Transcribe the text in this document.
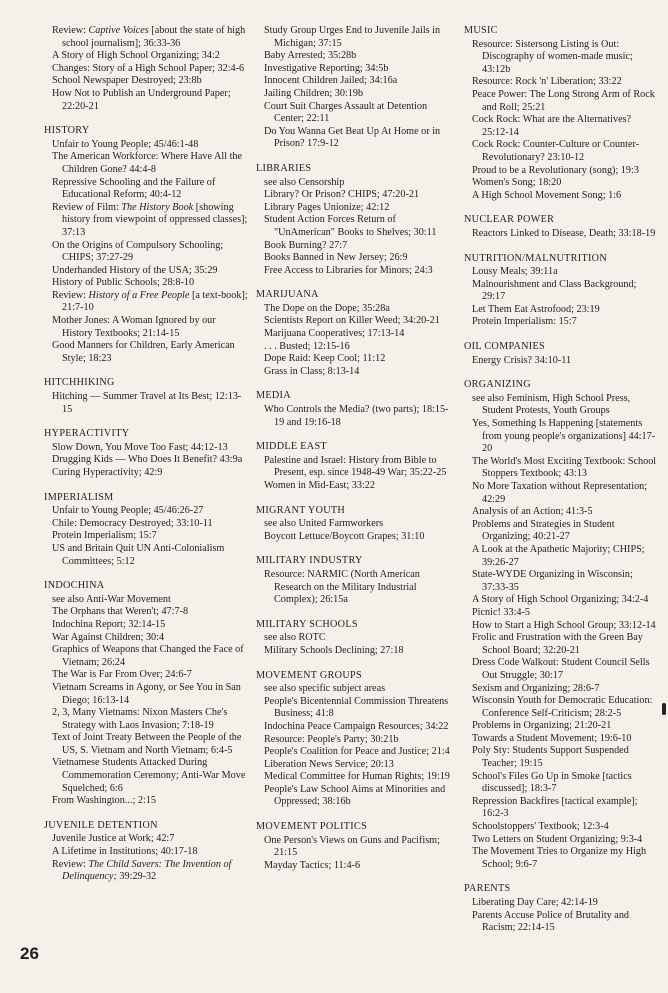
Review: Captive Voices [about the state of high school journalism]; 36:33-36

A Story of High School Organizing; 34:2

Changes: Story of a High School Paper; 32:4-6

School Newspaper Destroyed; 23:8b

How Not to Publish an Underground Paper; 22:20-21

HISTORY

Unfair to Young People; 45/46:1-48

The American Workforce: Where Have All the Children Gone? 44:4-8

Repressive Schooling and the Failure of Educational Reform; 40:4-12

Review of Film: The History Book [showing history from viewpoint of oppressed classes]; 37:13

On the Origins of Compulsory Schooling; CHIPS; 37:27-29

Underhanded History of the USA; 35:29

History of Public Schools; 28:8-10

Review: History of a Free People [a text-book]; 21:7-10

Mother Jones: A Woman Ignored by our History Textbooks; 21:14-15

Good Manners for Children, Early American Style; 18:23

HITCHHIKING

Hitching — Summer Travel at Its Best; 12:13-15

HYPERACTIVITY

Slow Down, You Move Too Fast; 44:12-13

Drugging Kids — Who Does It Benefit? 43:9a

Curing Hyperactivity; 42:9

IMPERIALISM

Unfair to Young People; 45/46:26-27

Chile: Democracy Destroyed; 33:10-11

Protein Imperialism; 15:7

US and Britain Quit UN Anti-Colonialism Committees; 5:12

INDOCHINA

see also Anti-War Movement

The Orphans that Weren't; 47:7-8

Indochina Report; 32:14-15

War Against Children; 30:4

Graphics of Weapons that Changed the Face of Vietnam; 26:24

The War is Far From Over; 24:6-7

Vietnam Screams in Agony, or See You in San Diego; 16:13-14

2, 3, Many Vietnams: Nixon Masters Che's Strategy with Laos Invasion; 7:18-19

Text of Joint Treaty Between the People of the US, S. Vietnam and North Vietnam; 6:4-5

Vietnamese Students Attacked During Commemoration Ceremony; Anti-War Move Squelched; 6:6

From Washington...; 2:15

JUVENILE DETENTION

Juvenile Justice at Work; 42:7

A Lifetime in Institutions; 40:17-18

Review: The Child Savers: The Invention of Delinquency; 39:29-32

Study Group Urges End to Juvenile Jails in Michigan; 37:15

Baby Arrested; 35:28b

Investigative Reporting; 34:5b

Innocent Children Jailed; 34:16a

Jailing Children; 30:19b

Court Suit Charges Assault at Detention Center; 22:11

Do You Wanna Get Beat Up At Home or in Prison? 17:9-12

LIBRARIES

see also Censorship

Library? Or Prison? CHIPS; 47:20-21

Library Pages Unionize; 42:12

Student Action Forces Return of "UnAmerican" Books to Shelves; 30:11

Book Burning? 27:7

Books Banned in New Jersey; 26:9

Free Access to Libraries for Minors; 24:3

MARIJUANA

The Dope on the Dope; 35:28a

Scientists Report on Killer Weed; 34:20-21

Marijuana Cooperatives; 17:13-14

. . . Busted; 12:15-16

Dope Raid: Keep Cool; 11:12

Grass in Class; 8:13-14

MEDIA

Who Controls the Media? (two parts); 18:15-19 and 19:16-18

MIDDLE EAST

Palestine and Israel: History from Bible to Present, esp. since 1948-49 War; 35:22-25

Women in Mid-East; 33:22

MIGRANT YOUTH

see also United Farmworkers

Boycott Lettuce/Boycott Grapes; 31:10

MILITARY INDUSTRY

Resource: NARMIC (North American Research on the Military Industrial Complex); 26:15a

MILITARY SCHOOLS

see also ROTC

Military Schools Declining; 27:18

MOVEMENT GROUPS

see also specific subject areas

People's Bicentennial Commission Threatens Business; 41:8

Indochina Peace Campaign Resources; 34:22

Resource: People's Party; 30:21b

People's Coalition for Peace and Justice; 21:4

Liberation News Service; 20:13

Medical Committee for Human Rights; 19:19

People's Law School Aims at Minorities and Oppressed; 38:16b

MOVEMENT POLITICS

One Person's Views on Guns and Pacifism; 21:15

Mayday Tactics; 11:4-6

MUSIC

Resource: Sistersong Listing is Out: Discography of women-made music; 43:12b

Resource: Rock 'n' Liberation; 33:22

Peace Power: The Long Strong Arm of Rock and Roll; 25:21

Cock Rock: What are the Alternatives? 25:12-14

Cock Rock: Counter-Culture or Counter-Revolutionary? 23:10-12

Proud to be a Revolutionary (song); 19:3

Women's Song; 18:20

A High School Movement Song; 1:6

NUCLEAR POWER

Reactors Linked to Disease, Death; 33:18-19

NUTRITION/MALNUTRITION

Lousy Meals; 39:11a

Malnourishment and Class Background; 29:17

Let Them Eat Astrofood; 23:19

Protein Imperialism: 15:7

OIL COMPANIES

Energy Crisis? 34:10-11

ORGANIZING

see also Feminism, High School Press, Student Protests, Youth Groups

Yes, Something Is Happening [statements from young people's organizations] 44:17-20

The World's Most Exciting Textbook: School Stoppers Textbook; 43:13

No More Taxation without Representation; 42:29

Analysis of an Action; 41:3-5

Problems and Strategies in Student Organizing; 40:21-27

A Look at the Apathetic Majority; CHIPS; 39:26-27

State-WYDE Organizing in Wisconsin; 37:33-35

A Story of High School Organizing; 34:2-4

Picnic! 33:4-5

How to Start a High School Group; 33:12-14

Frolic and Frustration with the Green Bay School Board; 32:20-21

Dress Code Walkout: Student Council Sells Out Struggle; 30:17

Sexism and Organizing; 28:6-7

Wisconsin Youth for Democratic Education: Conference Self-Criticism; 28:2-5

Problems in Organizing; 21:20-21

Towards a Student Movement; 19:6-10

Poly Sty: Students Support Suspended Teacher; 19:15

School's Files Go Up in Smoke [tactics discussed]; 18:3-7

Repression Backfires [tactical example]; 16:2-3

Schoolstoppers' Textbook; 12:3-4

Two Letters on Student Organizing; 9:3-4

The Movement Tries to Organize my High School; 9:6-7

PARENTS

Liberating Day Care; 42:14-19

Parents Accuse Police of Brutality and Racism; 22:14-15

26
